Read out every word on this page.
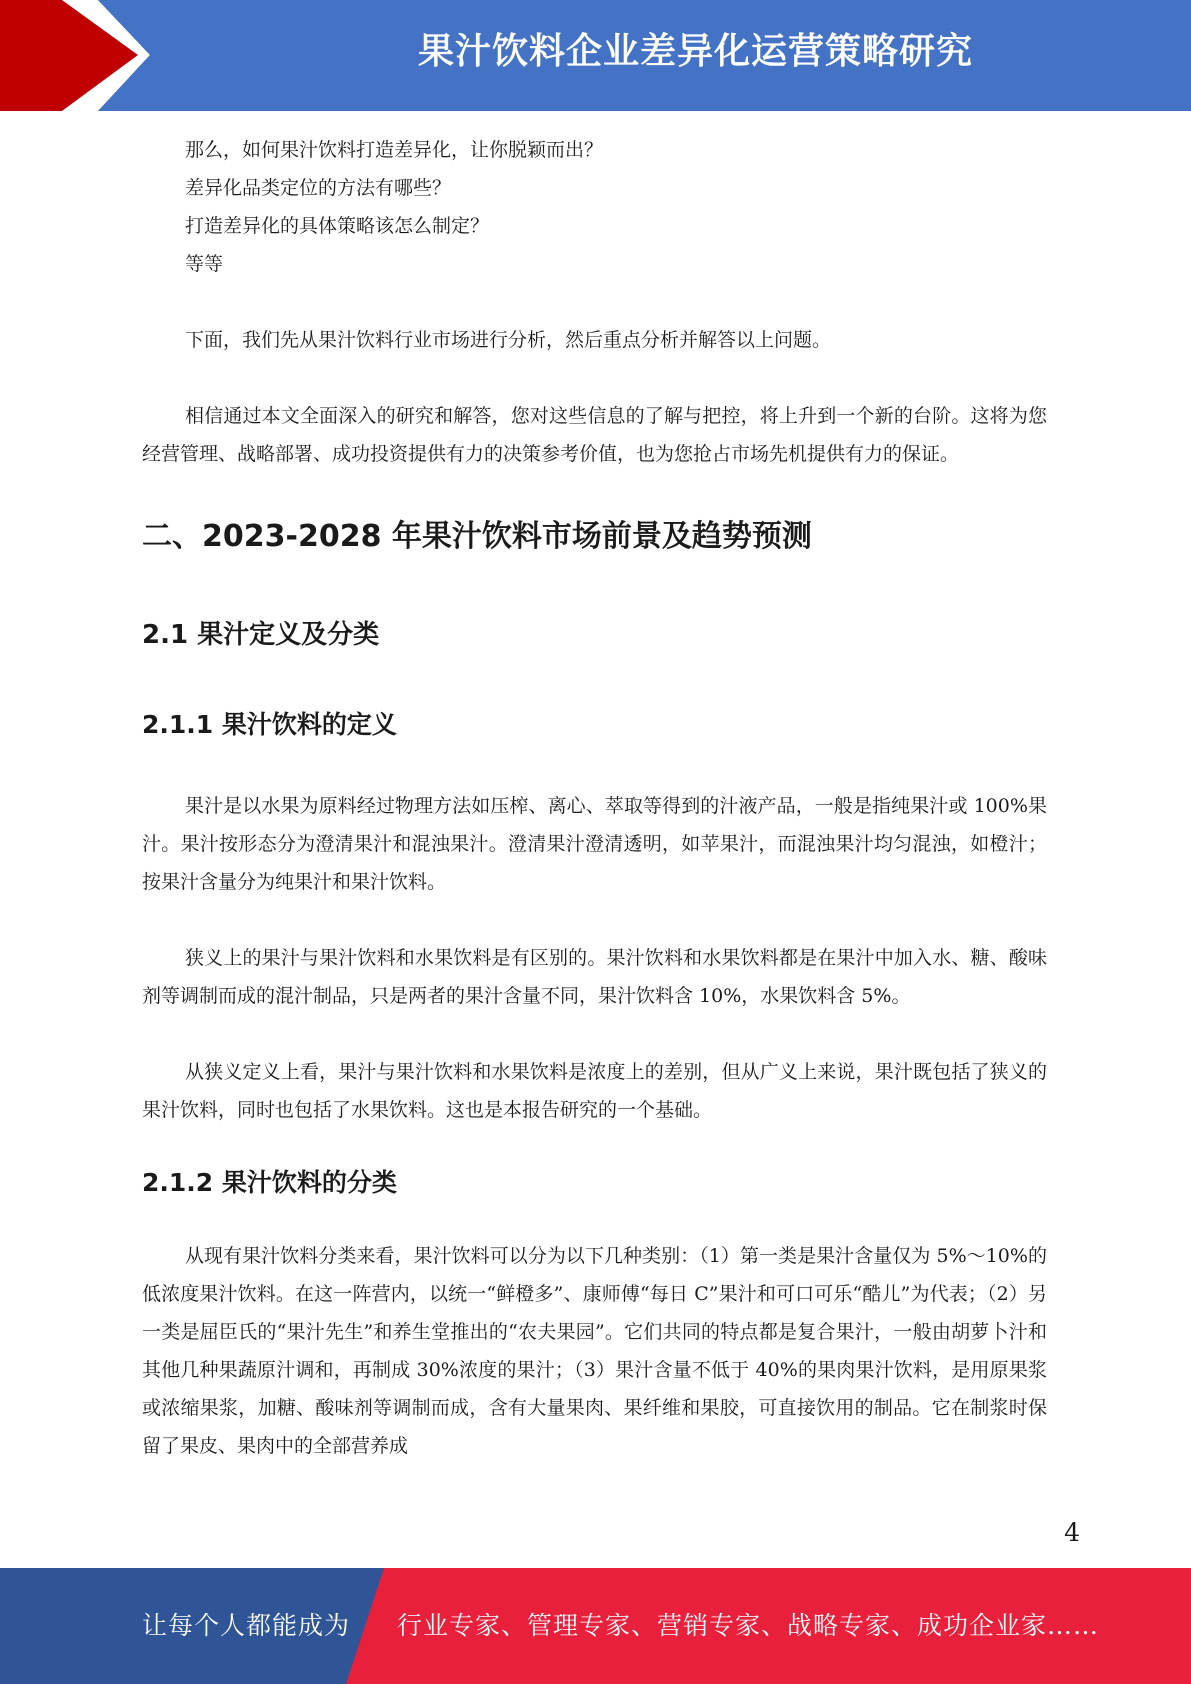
果汁饮料企业差异化运营策略研究报告

那么，如何果汁饮料打造差异化，让你脱颖而出？

差异化品类定位的方法有哪些？

打造差异化的具体策略该怎么制定？

等等

下面，我们先从果汁饮料行业市场进行分析，然后重点分析并解答以上问题。

相信通过本文全面深入的研究和解答，您对这些信息的了解与把控，将上升到一个新的台阶。这将为您经营管理、战略部署、成功投资提供有力的决策参考价值，也为您抢占市场先机提供有力的保证。

二、2023-2028 年果汁饮料市场前景及趋势预测
2.1 果汁定义及分类
2.1.1 果汁饮料的定义

果汁是以水果为原料经过物理方法如压榨、离心、萃取等得到的汁液产品，一般是指纯果汁或 100%果汁。果汁按形态分为澄清果汁和混浊果汁。澄清果汁澄清透明，如苹果汁，而混浊果汁均匀混浊，如橙汁；按果汁含量分为纯果汁和果汁饮料。

狭义上的果汁与果汁饮料和水果饮料是有区别的。果汁饮料和水果饮料都是在果汁中加入水、糖、酸味剂等调制而成的混汁制品，只是两者的果汁含量不同，果汁饮料含 10%，水果饮料含 5%。

从狭义定义上看，果汁与果汁饮料和水果饮料是浓度上的差别，但从广义上来说，果汁既包括了狭义的果汁饮料，同时也包括了水果饮料。这也是本报告研究的一个基础。

2.1.2 果汁饮料的分类

从现有果汁饮料分类来看，果汁饮料可以分为以下几种类别：（1）第一类是果汁含量仅为 5%～10%的低浓度果汁饮料。在这一阵营内，以统一“鲜橙多”、康师傅“每日 C”果汁和可口可乐“酷儿”为代表；（2）另一类是屈臣氏的“果汁先生”和养生堂推出的“农夫果园”。它们共同的特点都是复合果汁，一般由胡萝卜汁和其他几种果蔬原汁调和，再制成 30%浓度的果汁；（3）果汁含量不低于 40%的果肉果汁饮料，是用原果浆或浓缩果浆，加糖、酸味剂等调制而成，含有大量果肉、果纤维和果胶，可直接饮用的制品。它在制浆时保留了果皮、果肉中的全部营养成

4
让每个人都能成为 行业专家、管理专家、营销专家、战略专家、成功企业家……
